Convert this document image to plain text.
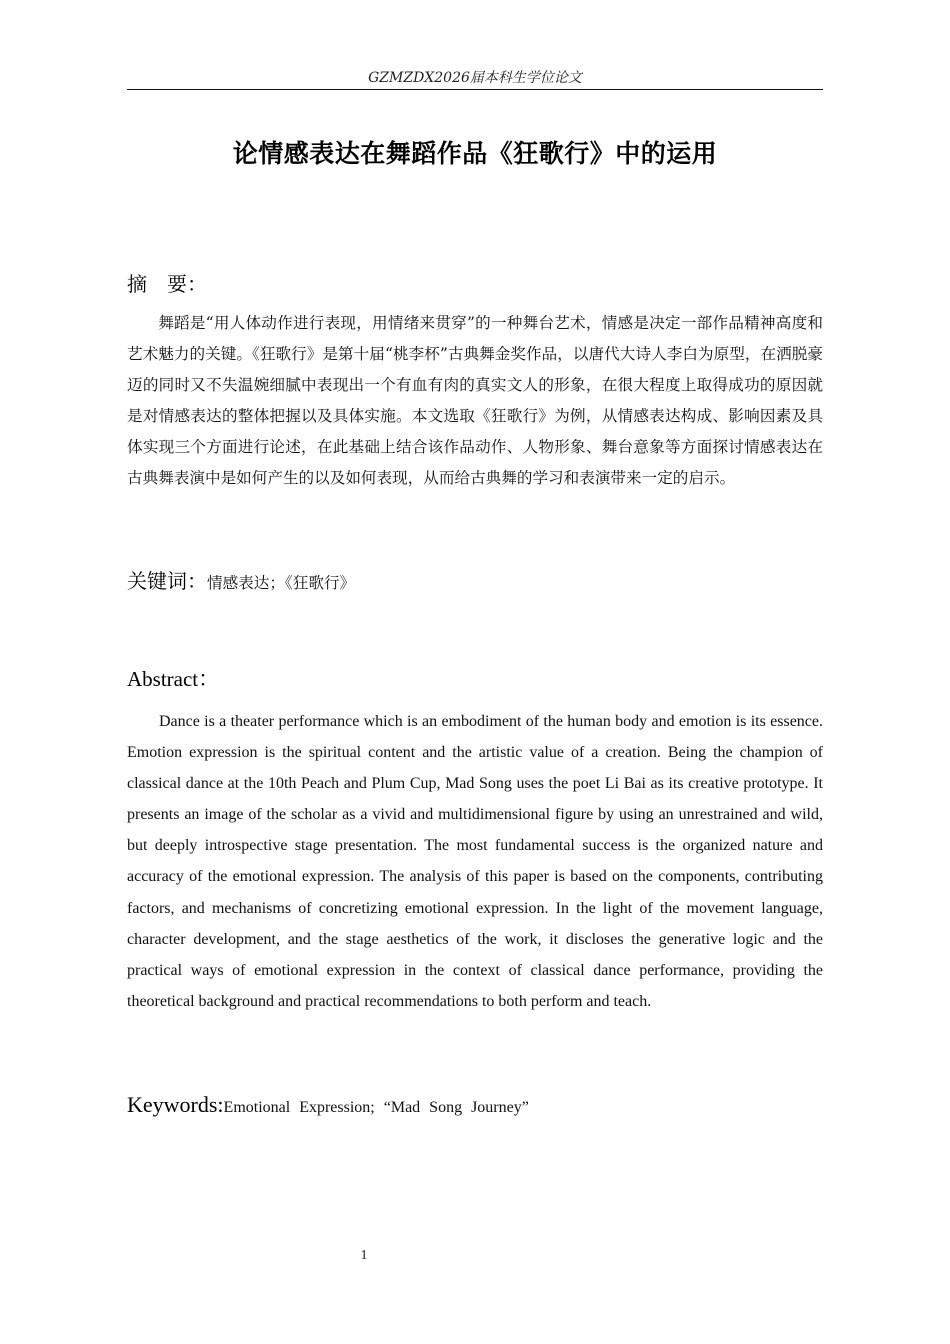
GZMZDX2026届本科生学位论文
论情感表达在舞蹈作品《狂歌行》中的运用
摘　要：

舞蹈是“用人体动作进行表现，用情绪来贯穿”的一种舞台艺术，情感是决定一部作品精神高度和艺术魅力的关键。《狂歌行》是第十届“桃李杯”古典舞金奖作品，以唐代大诗人李白为原型，在洒脱豪迈的同时又不失温婉细腻中表现出一个有血有肉的真实文人的形象，在很大程度上取得成功的原因就是对情感表达的整体把握以及具体实施。本文选取《狂歌行》为例，从情感表达构成、影响因素及具体实现三个方面进行论述，在此基础上结合该作品动作、人物形象、舞台意象等方面探讨情感表达在古典舞表演中是如何产生的以及如何表现，从而给古典舞的学习和表演带来一定的启示。

关键词：情感表达；《狂歌行》
Abstract：

Dance is a theater performance which is an embodiment of the human body and emotion is its essence. Emotion expression is the spiritual content and the artistic value of a creation. Being the champion of classical dance at the 10th Peach and Plum Cup, Mad Song uses the poet Li Bai as its creative prototype. It presents an image of the scholar as a vivid and multidimensional figure by using an unrestrained and wild, but deeply introspective stage presentation. The most fundamental success is the organized nature and accuracy of the emotional expression. The analysis of this paper is based on the components, contributing factors, and mechanisms of concretizing emotional expression. In the light of the movement language, character development, and the stage aesthetics of the work, it discloses the generative logic and the practical ways of emotional expression in the context of classical dance performance, providing the theoretical background and practical recommendations to both perform and teach.

Keywords:Emotional Expression; “Mad Song Journey”
1
